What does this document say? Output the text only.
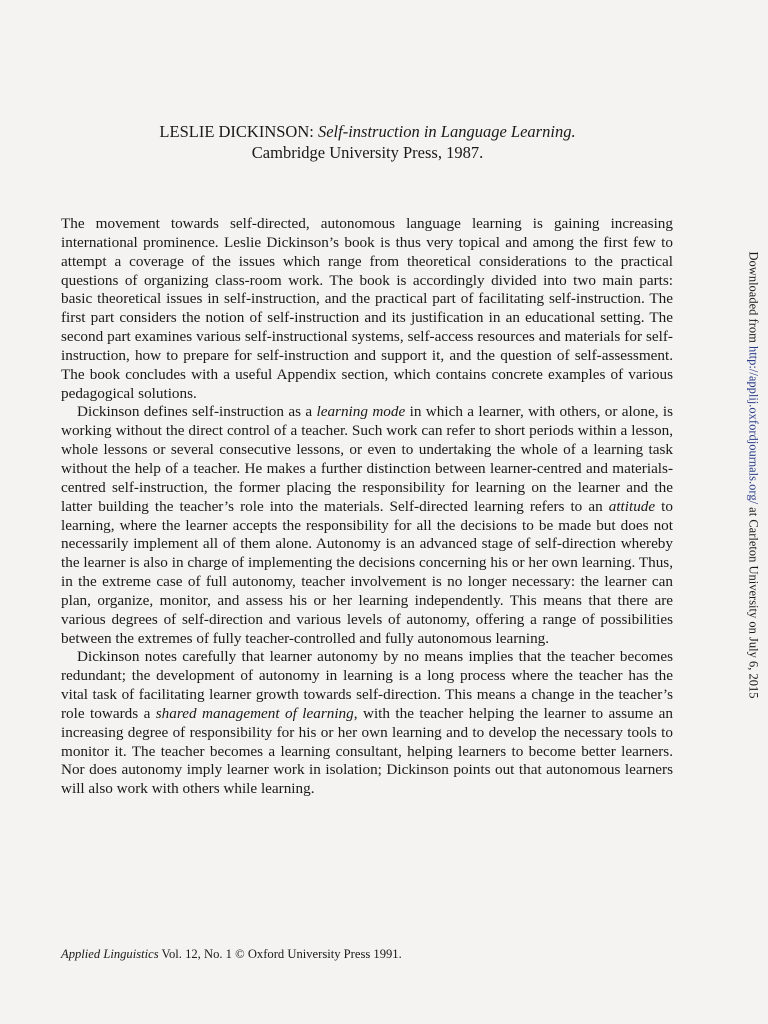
LESLIE DICKINSON: Self-instruction in Language Learning.
Cambridge University Press, 1987.

The movement towards self-directed, autonomous language learning is gaining increasing international prominence. Leslie Dickinson’s book is thus very topical and among the first few to attempt a coverage of the issues which range from theoretical considerations to the practical questions of organizing class-room work. The book is accordingly divided into two main parts: basic theoretical issues in self-instruction, and the practical part of facilitating self-instruction. The first part considers the notion of self-instruction and its justification in an educational setting. The second part examines various self-instructional systems, self-access resources and materials for self-instruction, how to prepare for self-instruction and support it, and the question of self-assessment. The book concludes with a useful Appendix section, which contains concrete examples of various pedagogical solutions.

Dickinson defines self-instruction as a learning mode in which a learner, with others, or alone, is working without the direct control of a teacher. Such work can refer to short periods within a lesson, whole lessons or several consecutive lessons, or even to undertaking the whole of a learning task without the help of a teacher. He makes a further distinction between learner-centred and materials-centred self-instruction, the former placing the responsibility for learning on the learner and the latter building the teacher’s role into the materials. Self-directed learning refers to an attitude to learning, where the learner accepts the responsibility for all the decisions to be made but does not necessarily implement all of them alone. Autonomy is an advanced stage of self-direction whereby the learner is also in charge of implementing the decisions concerning his or her own learning. Thus, in the extreme case of full autonomy, teacher involvement is no longer necessary: the learner can plan, organize, monitor, and assess his or her learning independently. This means that there are various degrees of self-direction and various levels of autonomy, offering a range of possibilities between the extremes of fully teacher-controlled and fully autonomous learning.

Dickinson notes carefully that learner autonomy by no means implies that the teacher becomes redundant; the development of autonomy in learning is a long process where the teacher has the vital task of facilitating learner growth towards self-direction. This means a change in the teacher’s role towards a shared management of learning, with the teacher helping the learner to assume an increasing degree of responsibility for his or her own learning and to develop the necessary tools to monitor it. The teacher becomes a learning consultant, helping learners to become better learners. Nor does autonomy imply learner work in isolation; Dickinson points out that autonomous learners will also work with others while learning.

Applied Linguistics Vol. 12, No. 1 © Oxford University Press 1991.
Downloaded from http://applij.oxfordjournals.org/ at Carleton University on July 6, 2015
